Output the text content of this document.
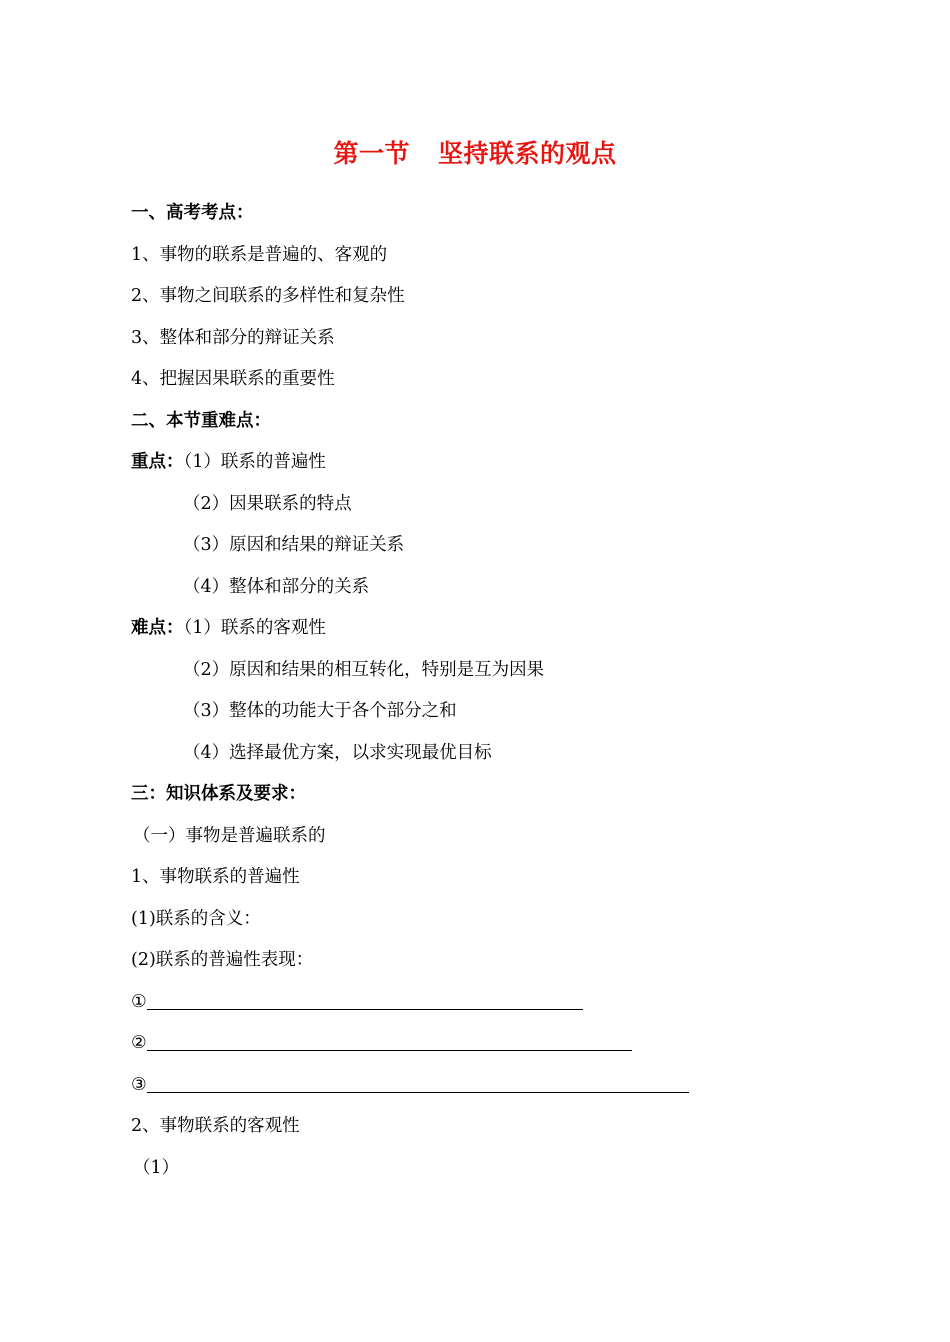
第一节 坚持联系的观点
一、高考考点：
1、事物的联系是普遍的、客观的
2、事物之间联系的多样性和复杂性
3、整体和部分的辩证关系
4、把握因果联系的重要性
二、本节重难点：
重点：（1）联系的普遍性
（2）因果联系的特点
（3）原因和结果的辩证关系
（4）整体和部分的关系
难点：（1）联系的客观性
（2）原因和结果的相互转化，特别是互为因果
（3）整体的功能大于各个部分之和
（4）选择最优方案，以求实现最优目标
三：知识体系及要求：
（一）事物是普遍联系的
1、事物联系的普遍性
(1)联系的含义：
(2)联系的普遍性表现：
①
②
③
2、事物联系的客观性
（1）
